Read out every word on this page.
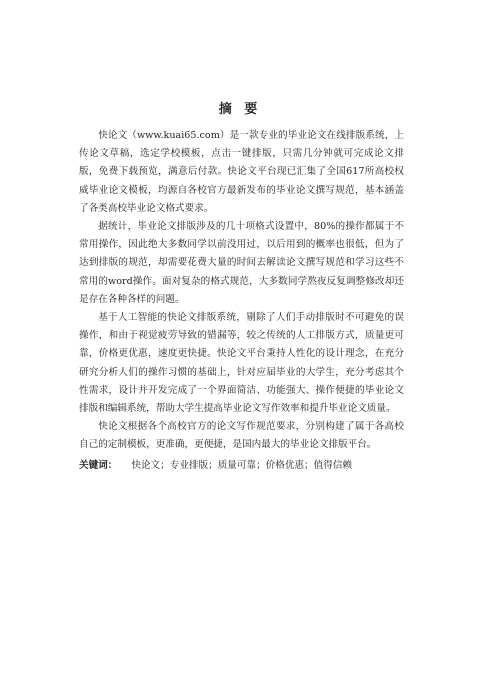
摘 要

快论文（www.kuai65.com）是一款专业的毕业论文在线排版系统，上传论文草稿，选定学校模板，点击一键排版，只需几分钟就可完成论文排版，免费下载预览，满意后付款。快论文平台现已汇集了全国617所高校权威毕业论文模板，均源自各校官方最新发布的毕业论文撰写规范，基本涵盖了各类高校毕业论文格式要求。

据统计，毕业论文排版涉及的几十项格式设置中，80%的操作都属于不常用操作，因此绝大多数同学以前没用过，以后用到的概率也很低，但为了达到排版的规范，却需要花费大量的时间去解读论文撰写规范和学习这些不常用的word操作。面对复杂的格式规范，大多数同学熬夜反复调整修改却还是存在各种各样的问题。

基于人工智能的快论文排版系统，剔除了人们手动排版时不可避免的误操作，和由于视觉疲劳导致的错漏等，较之传统的人工排版方式，质量更可靠，价格更优惠，速度更快捷。快论文平台秉持人性化的设计理念，在充分研究分析人们的操作习惯的基础上，针对应届毕业的大学生，充分考虑其个性需求，设计并开发完成了一个界面简洁、功能强大、操作便捷的毕业论文排版和编辑系统，帮助大学生提高毕业论文写作效率和提升毕业论文质量。

快论文根据各个高校官方的论文写作规范要求，分别构建了属于各高校自己的定制模板，更准确，更便捷，是国内最大的毕业论文排版平台。

关键词： 快论文；专业排版；质量可靠；价格优惠；值得信赖
